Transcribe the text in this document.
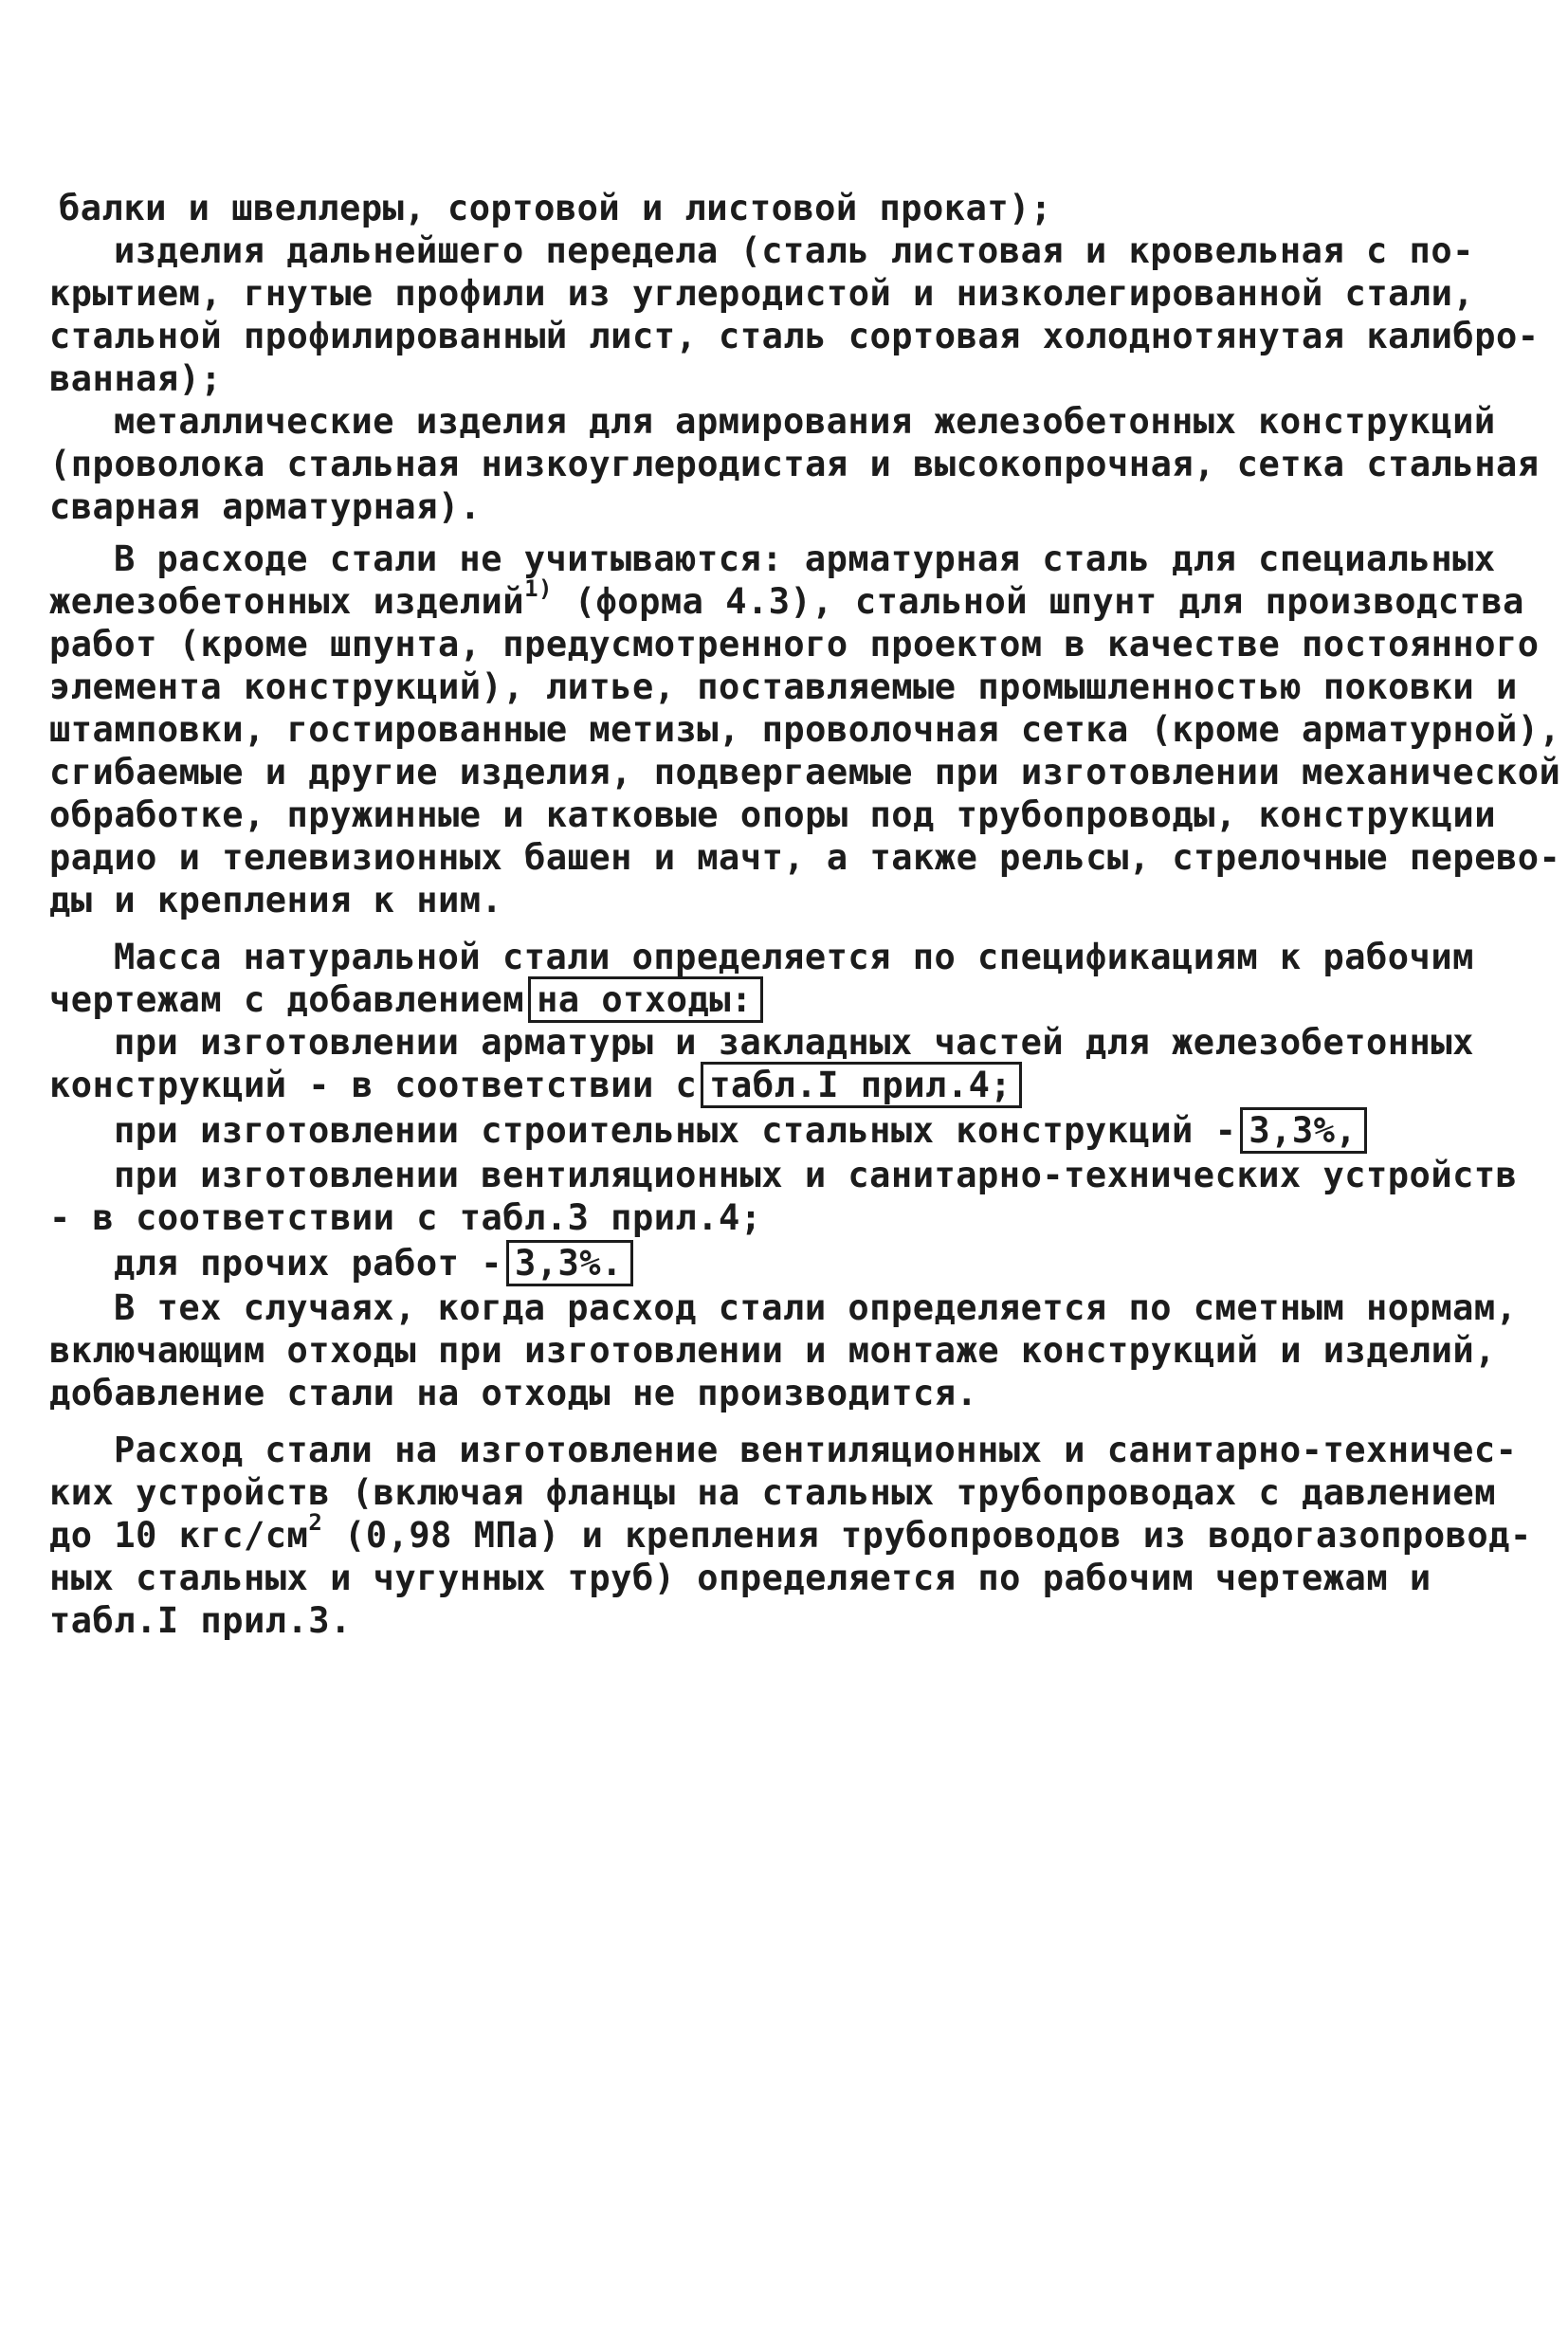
балки и швеллеры, сортовой и листовой прокат);
изделия дальнейшего передела (сталь листовая и кровельная с по-
крытием, гнутые профили из углеродистой и низколегированной стали,
стальной профилированный лист, сталь сортовая холоднотянутая калибро-
ванная);
металлические изделия для армирования железобетонных конструкций
(проволока стальная низкоуглеродистая и высокопрочная, сетка стальная
сварная арматурная).
В расходе стали не учитываются: арматурная сталь для специальных
железобетонных изделий$^{1)}$ (форма 4.3), стальной шпунт для производства
работ (кроме шпунта, предусмотренного проектом в качестве постоянного
элемента конструкций), литье, поставляемые промышленностью поковки и
штамповки, гостированные метизы, проволочная сетка (кроме арматурной),
сгибаемые и другие изделия, подвергаемые при изготовлении механической
обработке, пружинные и катковые опоры под трубопроводы, конструкции
радио и телевизионных башен и мачт, а также рельсы, стрелочные перево-
ды и крепления к ним.
Масса натуральной стали определяется по спецификациям к рабочим
чертежам с добавлением на отходы:
при изготовлении арматуры и закладных частей для железобетонных
конструкций - в соответствии с табл.I прил.4;
при изготовлении строительных стальных конструкций - 3,3%,
при изготовлении вентиляционных и санитарно-технических устройств
- в соответствии с табл.3 прил.4;
для прочих работ - 3,3%.
В тех случаях, когда расход стали определяется по сметным нормам,
включающим отходы при изготовлении и монтаже конструкций и изделий,
добавление стали на отходы не производится.
Расход стали на изготовление вентиляционных и санитарно-техничес-
ких устройств (включая фланцы на стальных трубопроводах с давлением
до 10 кгс/см$^2$ (0,98 МПа) и крепления трубопроводов из водогазопровод-
ных стальных и чугунных труб) определяется по рабочим чертежам и
табл.I прил.3.
